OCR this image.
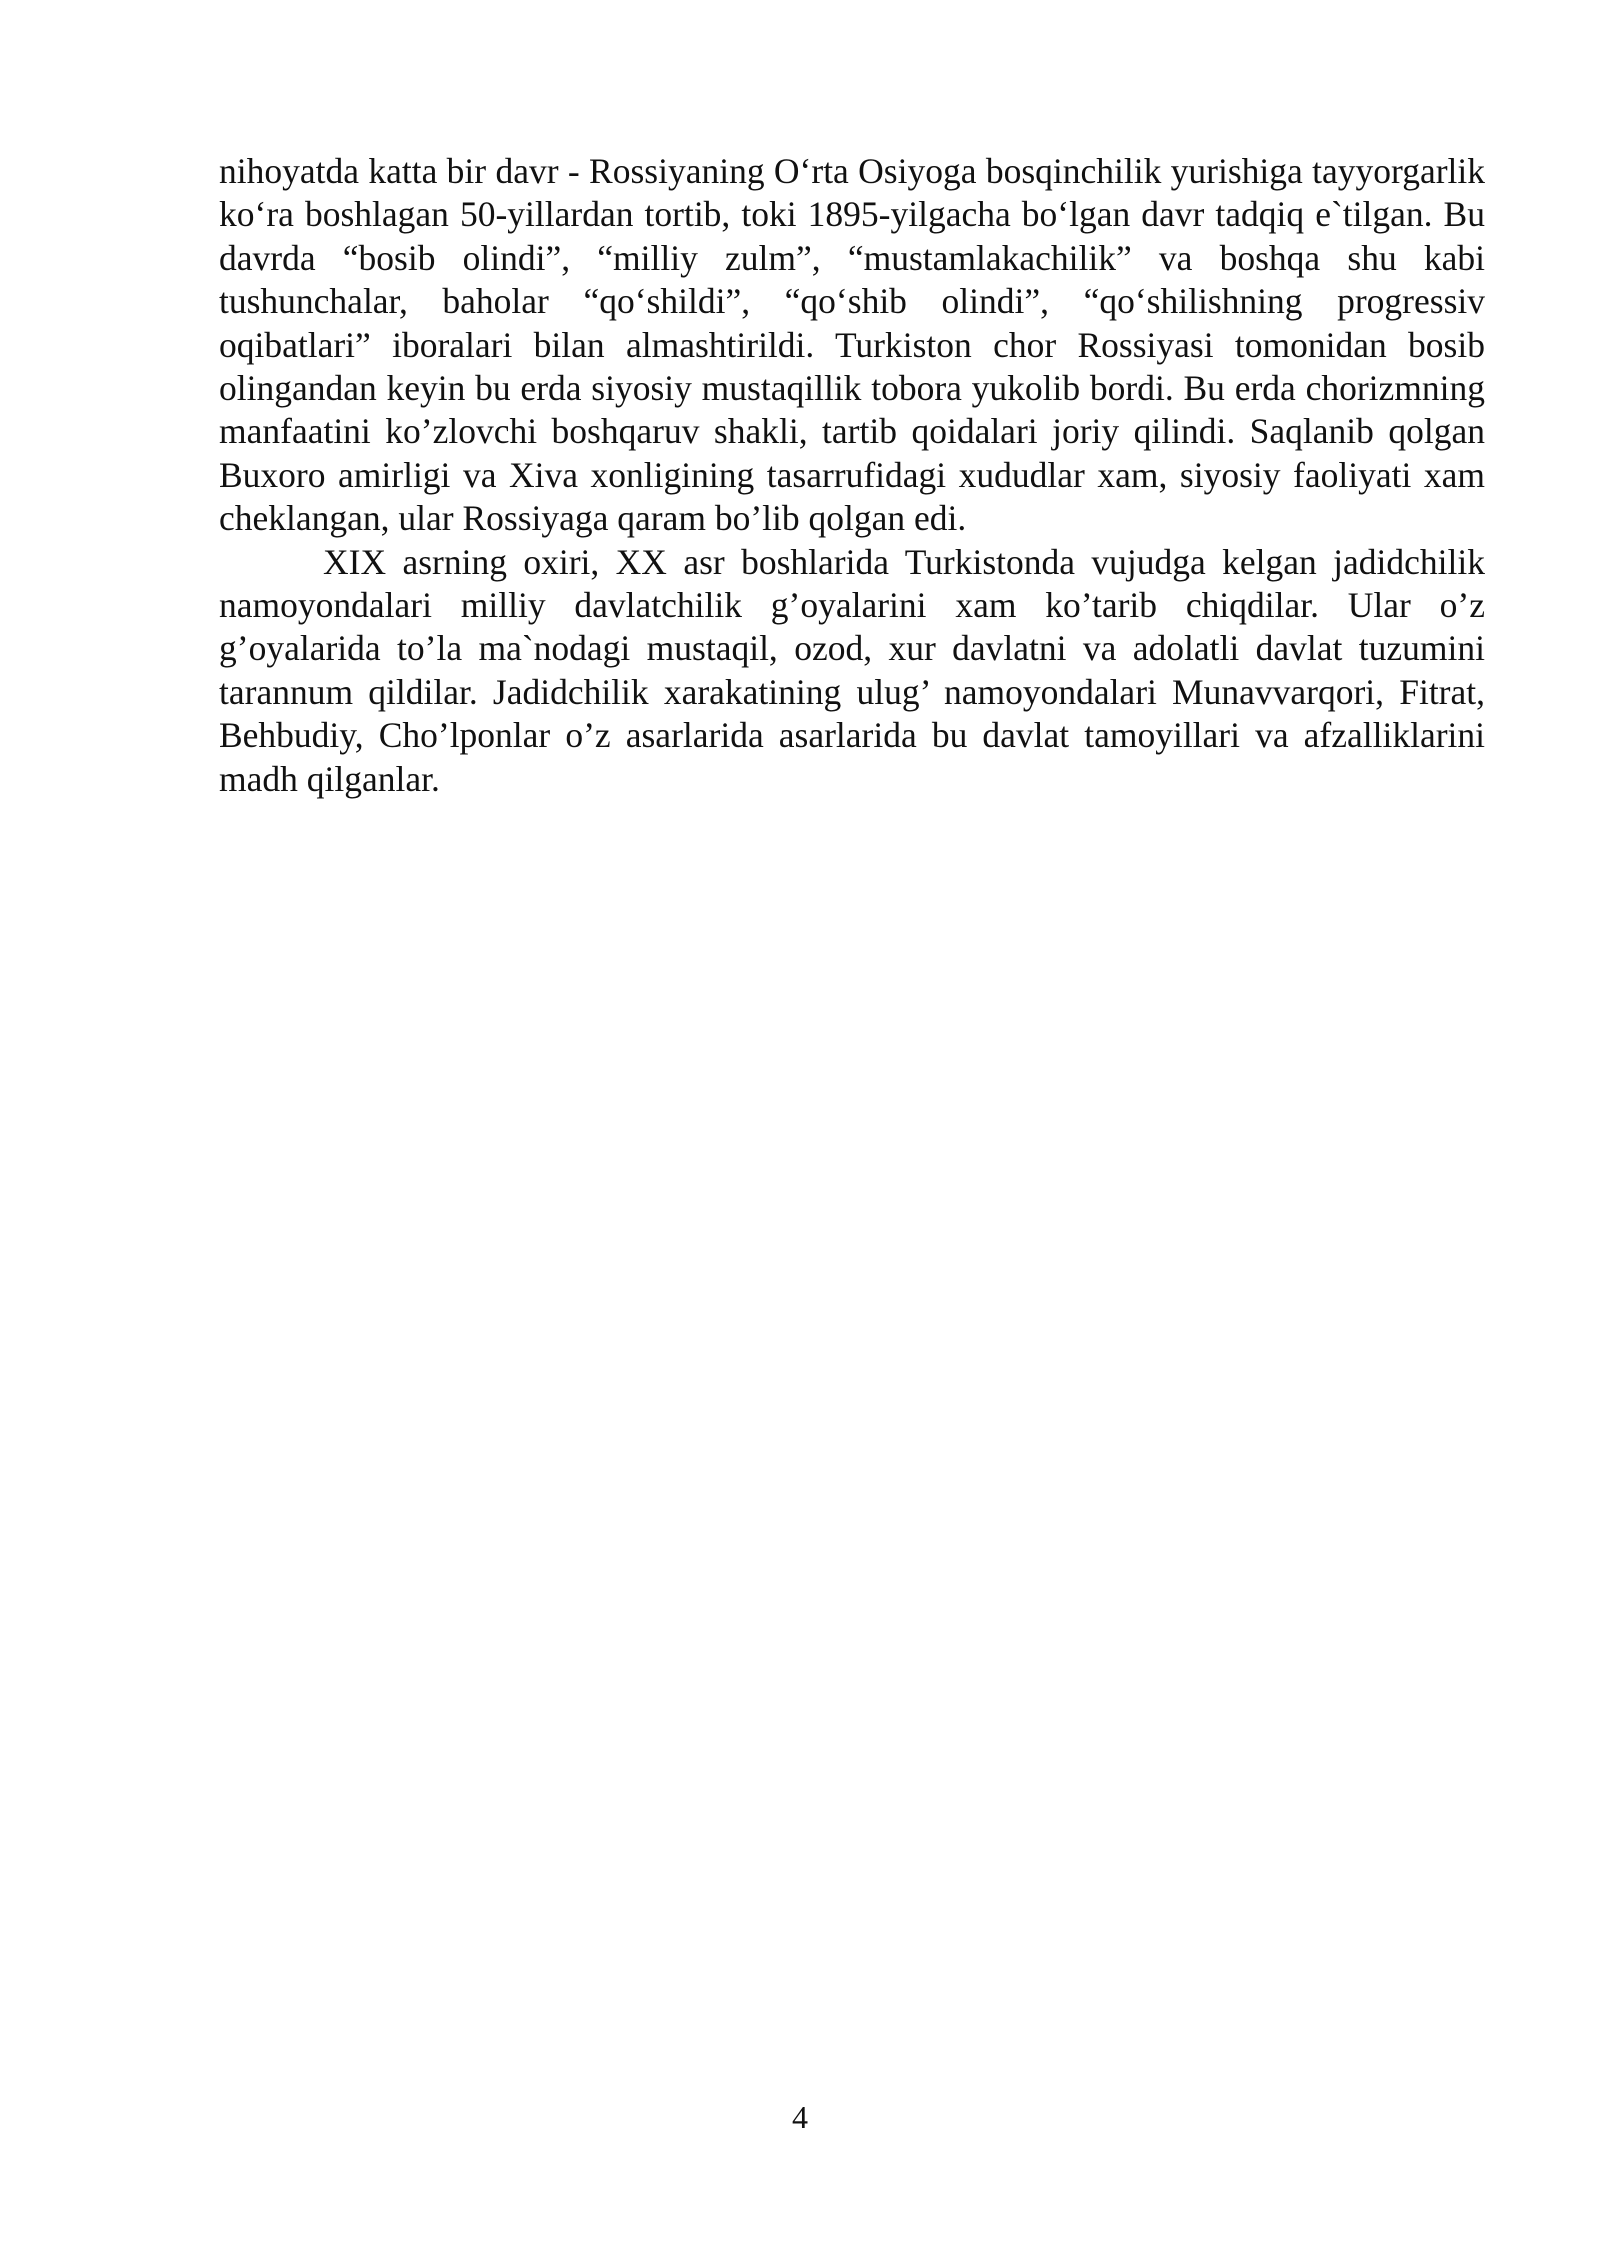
nihoyatda katta bir davr - Rossiyaning O‘rta Osiyoga bosqinchilik yurishiga tayyorgarlik ko‘ra boshlagan 50-yillardan tortib, toki 1895-yilgacha bo‘lgan davr tadqiq e`tilgan. Bu davrda “bosib olindi”, “milliy zulm”, “mustamlakachilik” va boshqa shu kabi tushunchalar, baholar “qo‘shildi”, “qo‘shib olindi”, “qo‘shilishning progressiv oqibatlari” iboralari bilan almashtirildi. Turkiston chor Rossiyasi tomonidan bosib olingandan keyin bu erda siyosiy mustaqillik tobora yukolib bordi. Bu erda chorizmning manfaatini ko’zlovchi boshqaruv shakli, tartib qoidalari joriy qilindi. Saqlanib qolgan Buxoro amirligi va Xiva xonligining tasarrufidagi xududlar xam, siyosiy faoliyati xam cheklangan, ular Rossiyaga qaram bo’lib qolgan edi.

XIX asrning oxiri, XX asr boshlarida Turkistonda vujudga kelgan jadidchilik namoyondalari milliy davlatchilik g’oyalarini xam ko’tarib chiqdilar. Ular o’z g’oyalarida to’la ma`nodagi mustaqil, ozod, xur davlatni va adolatli davlat tuzumini tarannum qildilar. Jadidchilik xarakatining ulug’ namoyondalari Munavvarqori, Fitrat, Behbudiy, Cho’lponlar o’z asarlarida asarlarida bu davlat tamoyillari va afzalliklarini madh qilganlar.

4
